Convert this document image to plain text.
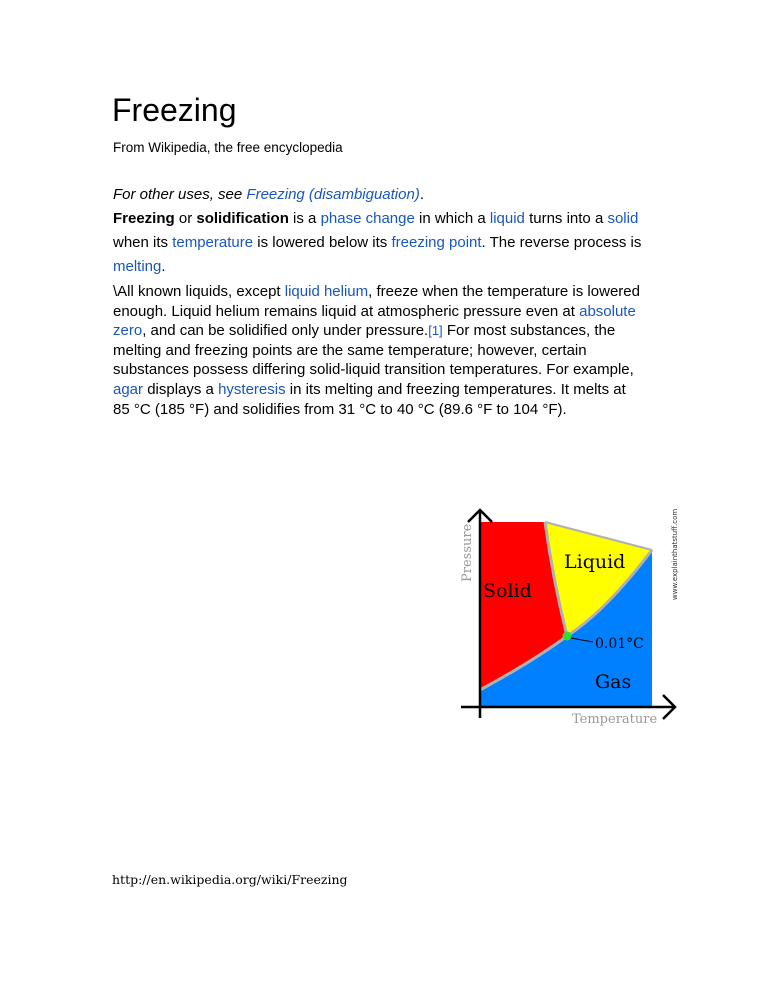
Freezing
From Wikipedia, the free encyclopedia
For other uses, see Freezing (disambiguation).

Freezing or solidification is a phase change in which a liquid turns into a solid when its temperature is lowered below its freezing point. The reverse process is melting.

\All known liquids, except liquid helium, freeze when the temperature is lowered enough. Liquid helium remains liquid at atmospheric pressure even at absolute zero, and can be solidified only under pressure.[1] For most substances, the melting and freezing points are the same temperature; however, certain substances possess differing solid-liquid transition temperatures. For example, agar displays a hysteresis in its melting and freezing temperatures. It melts at 85 °C (185 °F) and solidifies from 31 °C to 40 °C (89.6 °F to 104 °F).

Pressure
Temperature
Solid
Liquid
Gas
0.01°C
www.explainthatstuff.com
http://en.wikipedia.org/wiki/Freezing
